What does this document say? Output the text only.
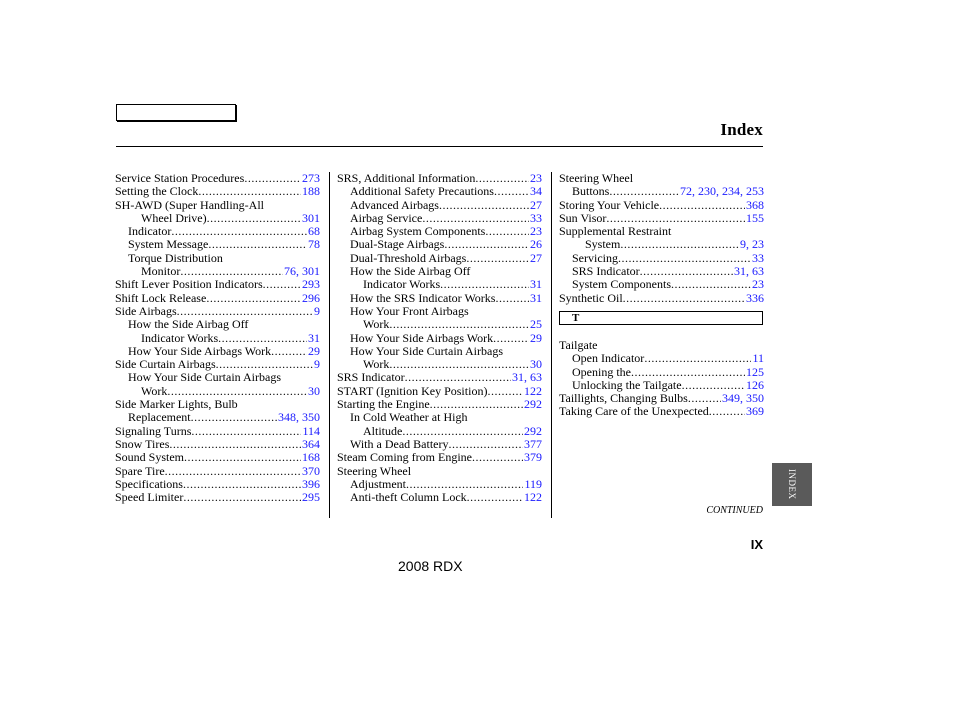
Index
Service Station Procedures .....	273
Setting the Clock .....	188
SH-AWD (Super Handling-All
Wheel Drive) .....	301
Indicator .....	68
System Message .....	78
Torque Distribution
Monitor .....	76, 301
Shift Lever Position Indicators .....	293
Shift Lock Release .....	296
Side Airbags .....	9
How the Side Airbag Off
Indicator Works .....	31
How Your Side Airbags Work .....	29
Side Curtain Airbags .....	9
How Your Side Curtain Airbags
Work .....	30
Side Marker Lights, Bulb
Replacement .....	348, 350
Signaling Turns .....	114
Snow Tires .....	364
Sound System .....	168
Spare Tire .....	370
Specifications .....	396
Speed Limiter .....	295
SRS, Additional Information .....	23
Additional Safety Precautions .....	34
Advanced Airbags .....	27
Airbag Service .....	33
Airbag System Components .....	23
Dual-Stage Airbags .....	26
Dual-Threshold Airbags .....	27
How the Side Airbag Off
Indicator Works .....	31
How the SRS Indicator Works .....	31
How Your Front Airbags
Work .....	25
How Your Side Airbags Work .....	29
How Your Side Curtain Airbags
Work .....	30
SRS Indicator .....	31, 63
START (Ignition Key Position) .....	122
Starting the Engine .....	292
In Cold Weather at High
Altitude .....	292
With a Dead Battery .....	377
Steam Coming from Engine .....	379
Steering Wheel
Adjustment .....	119
Anti-theft Column Lock .....	122
Steering Wheel
Buttons .....	72, 230, 234, 253
Storing Your Vehicle .....	368
Sun Visor .....	155
Supplemental Restraint
System .....	9, 23
Servicing .....	33
SRS Indicator .....	31, 63
System Components .....	23
Synthetic Oil .....	336
T
Tailgate
Open Indicator .....	11
Opening the .....	125
Unlocking the Tailgate .....	126
Taillights, Changing Bulbs .....	349, 350
Taking Care of the Unexpected .....	369
INDEX
CONTINUED
IX
2008 RDX
